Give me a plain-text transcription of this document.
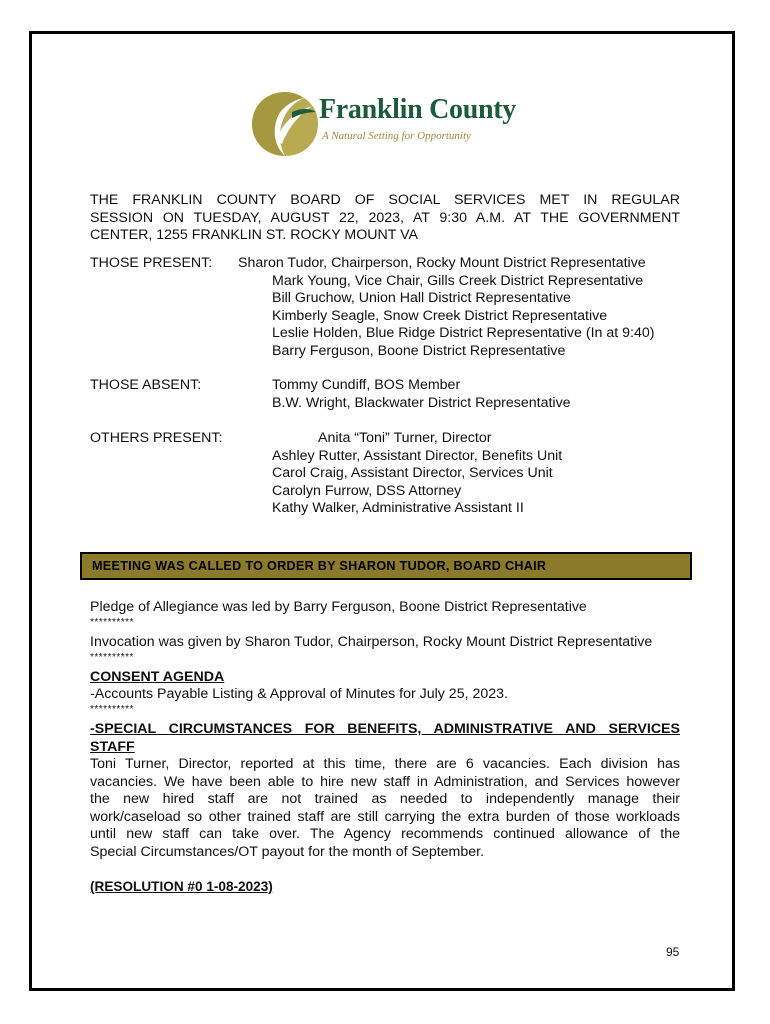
Franklin County
A Natural Setting for Opportunity
THE FRANKLIN COUNTY BOARD OF SOCIAL SERVICES MET IN REGULAR
SESSION ON TUESDAY, AUGUST 22, 2023, AT 9:30 A.M. AT THE GOVERNMENT
CENTER, 1255 FRANKLIN ST. ROCKY MOUNT VA
THOSE PRESENT: Sharon Tudor, Chairperson, Rocky Mount District Representative
Mark Young, Vice Chair, Gills Creek District Representative
Bill Gruchow, Union Hall District Representative
Kimberly Seagle, Snow Creek District Representative
Leslie Holden, Blue Ridge District Representative (In at 9:40)
Barry Ferguson, Boone District Representative
THOSE ABSENT:	Tommy Cundiff, BOS Member
B.W. Wright, Blackwater District Representative
OTHERS PRESENT:	Anita “Toni” Turner, Director
Ashley Rutter, Assistant Director, Benefits Unit
Carol Craig, Assistant Director, Services Unit
Carolyn Furrow, DSS Attorney
Kathy Walker, Administrative Assistant II
MEETING WAS CALLED TO ORDER BY SHARON TUDOR, BOARD CHAIR
Pledge of Allegiance was led by Barry Ferguson, Boone District Representative
**********
Invocation was given by Sharon Tudor, Chairperson, Rocky Mount District Representative
**********
CONSENT AGENDA
-Accounts Payable Listing & Approval of Minutes for July 25, 2023.
**********
-SPECIAL CIRCUMSTANCES FOR BENEFITS, ADMINISTRATIVE AND SERVICES
STAFF
Toni Turner, Director, reported at this time, there are 6 vacancies. Each division has
vacancies. We have been able to hire new staff in Administration, and Services however
the new hired staff are not trained as needed to independently manage their
work/caseload so other trained staff are still carrying the extra burden of those workloads
until new staff can take over. The Agency recommends continued allowance of the
Special Circumstances/OT payout for the month of September.
(RESOLUTION #0 1-08-2023)
95
